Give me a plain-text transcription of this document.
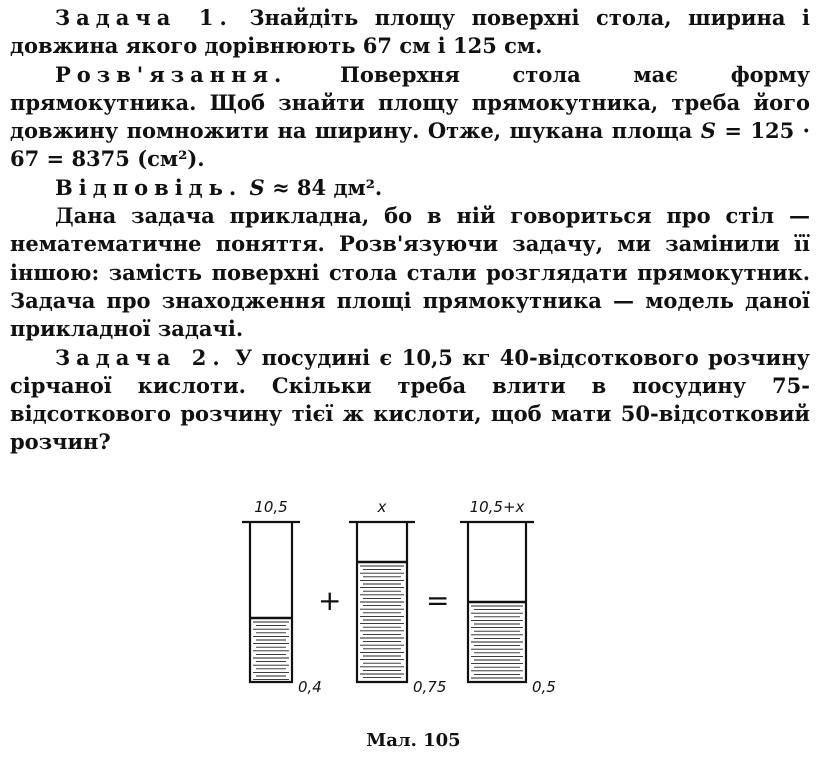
Задача 1. Знайдіть площу поверхні стола, ширина і довжина якого дорівнюють 67 см і 125 см.

Розв'язання.	Поверхня стола має форму прямокутника. Щоб знайти площу прямокутника, треба його довжину помножити на ширину. Отже, шукана площа S = 125 · 67 = 8375 (см²).

Відповідь. S ≈ 84 дм².

Дана задача прикладна, бо в ній говориться про стіл — нематематичне поняття. Розв'язуючи задачу, ми замінили її іншою: замість поверхні стола стали розглядати прямокутник. Задача про знаходження площі прямокутника — модель даної прикладної задачі.

Задача 2. У посудині є 10,5 кг 40-відсоткового розчину сірчаної кислоти. Скільки треба влити в посудину 75-відсоткового розчину тієї ж кислоти, щоб мати 50-відсотковий розчин?

10,5
0,4
x
0,75
10,5+x
0,5
+	=
Мал. 105
